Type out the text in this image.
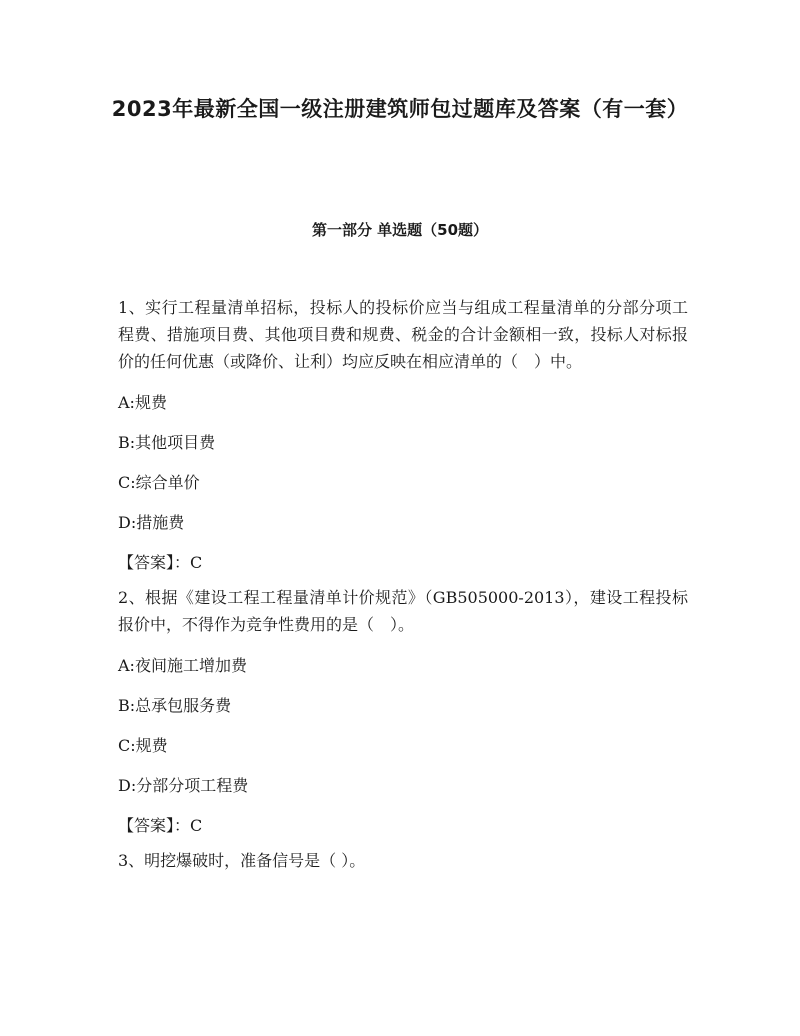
2023年最新全国一级注册建筑师包过题库及答案（有一套）
第一部分 单选题（50题）
1、实行工程量清单招标，投标人的投标价应当与组成工程量清单的分部分项工程费、措施项目费、其他项目费和规费、税金的合计金额相一致，投标人对标报价的任何优惠（或降价、让利）均应反映在相应清单的（　）中。
A:规费
B:其他项目费
C:综合单价
D:措施费
【答案】：C
2、根据《建设工程工程量清单计价规范》（GB505000-2013），建设工程投标报价中，不得作为竞争性费用的是（　）。
A:夜间施工增加费
B:总承包服务费
C:规费
D:分部分项工程费
【答案】：C
3、明挖爆破时，准备信号是（ ）。
